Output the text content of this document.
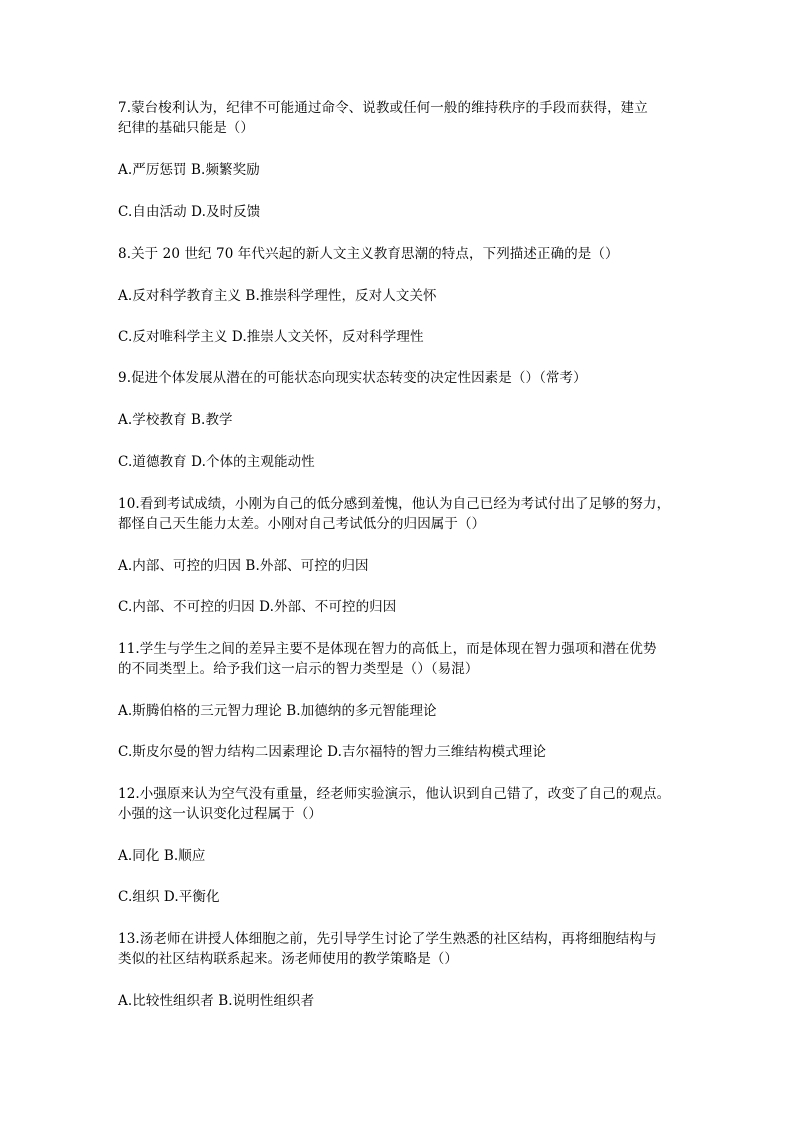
7.蒙台梭利认为，纪律不可能通过命令、说教或任何一般的维持秩序的手段而获得，建立
纪律的基础只能是（）
A.严厉惩罚 B.频繁奖励
C.自由活动 D.及时反馈
8.关于 20 世纪 70 年代兴起的新人文主义教育思潮的特点，下列描述正确的是（）
A.反对科学教育主义 B.推崇科学理性，反对人文关怀
C.反对唯科学主义 D.推崇人文关怀，反对科学理性
9.促进个体发展从潜在的可能状态向现实状态转变的决定性因素是（）（常考）
A.学校教育 B.教学
C.道德教育 D.个体的主观能动性
10.看到考试成绩，小刚为自己的低分感到羞愧，他认为自己已经为考试付出了足够的努力，
都怪自己天生能力太差。小刚对自己考试低分的归因属于（）
A.内部、可控的归因 B.外部、可控的归因
C.内部、不可控的归因 D.外部、不可控的归因
11.学生与学生之间的差异主要不是体现在智力的高低上，而是体现在智力强项和潜在优势
的不同类型上。给予我们这一启示的智力类型是（）（易混）
A.斯腾伯格的三元智力理论 B.加德纳的多元智能理论
C.斯皮尔曼的智力结构二因素理论 D.吉尔福特的智力三维结构模式理论
12.小强原来认为空气没有重量，经老师实验演示，他认识到自己错了，改变了自己的观点。
小强的这一认识变化过程属于（）
A.同化 B.顺应
C.组织 D.平衡化
13.汤老师在讲授人体细胞之前，先引导学生讨论了学生熟悉的社区结构，再将细胞结构与
类似的社区结构联系起来。汤老师使用的教学策略是（）
A.比较性组织者 B.说明性组织者
